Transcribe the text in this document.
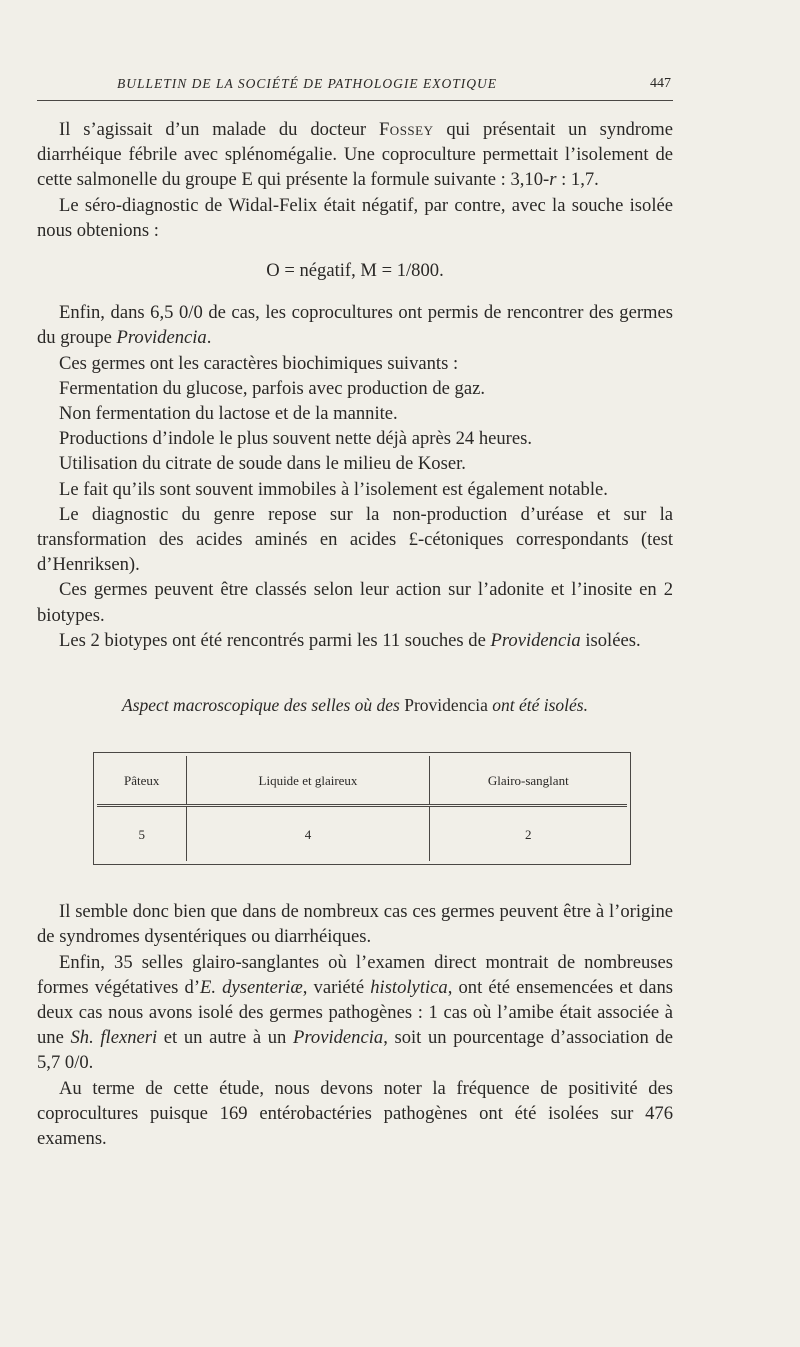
BULLETIN DE LA SOCIÉTÉ DE PATHOLOGIE EXOTIQUE	447

Il s’agissait d’un malade du docteur Fossey qui présentait un syndrome diarrhéique fébrile avec splénomégalie. Une coproculture permettait l’isolement de cette salmonelle du groupe E qui présente la formule suivante : 3,10-r : 1,7.

Le séro-diagnostic de Widal-Felix était négatif, par contre, avec la souche isolée nous obtenions :

O = négatif, M = 1/800.

Enfin, dans 6,5 0/0 de cas, les coprocultures ont permis de rencontrer des germes du groupe Providencia.

Ces germes ont les caractères biochimiques suivants :

Fermentation du glucose, parfois avec production de gaz.

Non fermentation du lactose et de la mannite.

Productions d’indole le plus souvent nette déjà après 24 heures.

Utilisation du citrate de soude dans le milieu de Koser.

Le fait qu’ils sont souvent immobiles à l’isolement est également notable.

Le diagnostic du genre repose sur la non-production d’uréase et sur la transformation des acides aminés en acides £-cétoniques correspondants (test d’Henriksen).

Ces germes peuvent être classés selon leur action sur l’adonite et l’inosite en 2 biotypes.

Les 2 biotypes ont été rencontrés parmi les 11 souches de Providencia isolées.

Aspect macroscopique des selles où des Providencia ont été isolés.
Pâteux	Liquide et glaireux	Glairo-sanglant

5	4	2

Il semble donc bien que dans de nombreux cas ces germes peuvent être à l’origine de syndromes dysentériques ou diarrhéiques.

Enfin, 35 selles glairo-sanglantes où l’examen direct montrait de nombreuses formes végétatives d’E. dysenteriæ, variété histolytica, ont été ensemencées et dans deux cas nous avons isolé des germes pathogènes : 1 cas où l’amibe était associée à une Sh. flexneri et un autre à un Providencia, soit un pourcentage d’association de 5,7 0/0.

Au terme de cette étude, nous devons noter la fréquence de positivité des coprocultures puisque 169 entérobactéries pathogènes ont été isolées sur 476 examens.
